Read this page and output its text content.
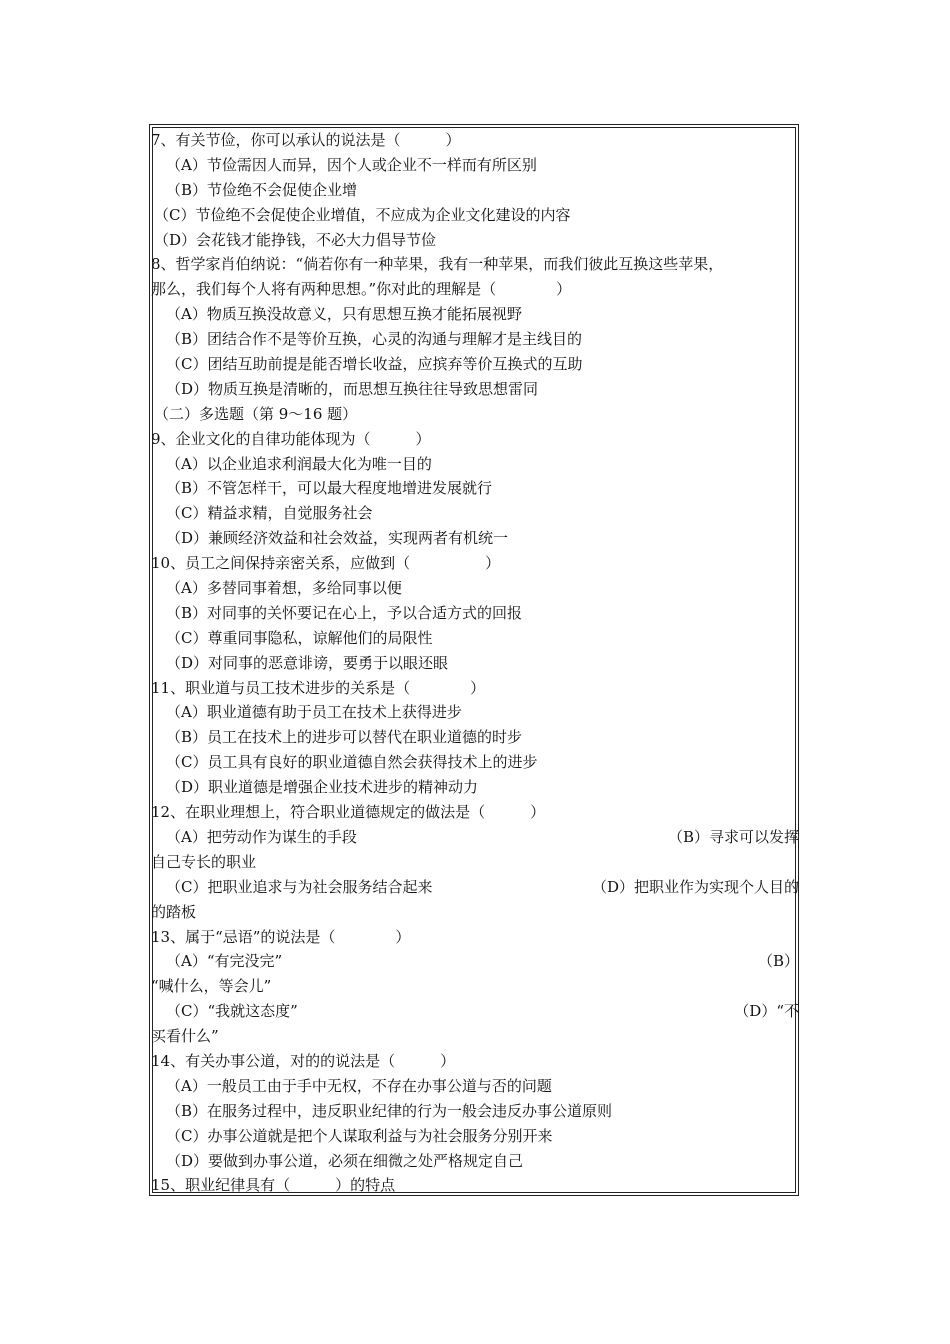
7、有关节俭，你可以承认的说法是（　　　）
（A）节俭需因人而异，因个人或企业不一样而有所区别
（B）节俭绝不会促使企业增
（C）节俭绝不会促使企业增值，不应成为企业文化建设的内容
（D）会花钱才能挣钱，不必大力倡导节俭
8、哲学家肖伯纳说：“倘若你有一种苹果，我有一种苹果，而我们彼此互换这些苹果，
那么，我们每个人将有两种思想。”你对此的理解是（　　　　）
（A）物质互换没故意义，只有思想互换才能拓展视野
（B）团结合作不是等价互换，心灵的沟通与理解才是主线目的
（C）团结互助前提是能否增长收益，应摈弃等价互换式的互助
（D）物质互换是清晰的，而思想互换往往导致思想雷同
（二）多选题（第 9～16 题）
9、企业文化的自律功能体现为（　　　）
（A）以企业追求利润最大化为唯一目的
（B）不管怎样干，可以最大程度地增进发展就行
（C）精益求精，自觉服务社会
（D）兼顾经济效益和社会效益，实现两者有机统一
10、员工之间保持亲密关系，应做到（　　　　　）
（A）多替同事着想，多给同事以便
（B）对同事的关怀要记在心上，予以合适方式的回报
（C）尊重同事隐私，谅解他们的局限性
（D）对同事的恶意诽谤，要勇于以眼还眼
11、职业道与员工技术进步的关系是（　　　　）
（A）职业道德有助于员工在技术上获得进步
（B）员工在技术上的进步可以替代在职业道德的时步
（C）员工具有良好的职业道德自然会获得技术上的进步
（D）职业道德是增强企业技术进步的精神动力
12、在职业理想上，符合职业道德规定的做法是（　　　）
（A）把劳动作为谋生的手段	（B）寻求可以发挥
自己专长的职业
（C）把职业追求与为社会服务结合起来	（D）把职业作为实现个人目的
的踏板
13、属于“忌语”的说法是（　　　　）
（A）“有完没完”	（B）
“喊什么，等会儿”
（C）“我就这态度”	（D）“不
买看什么”
14、有关办事公道，对的的说法是（　　　）
（A）一般员工由于手中无权，不存在办事公道与否的问题
（B）在服务过程中，违反职业纪律的行为一般会违反办事公道原则
（C）办事公道就是把个人谋取利益与为社会服务分别开来
（D）要做到办事公道，必须在细微之处严格规定自己
15、职业纪律具有（　　　）的特点
